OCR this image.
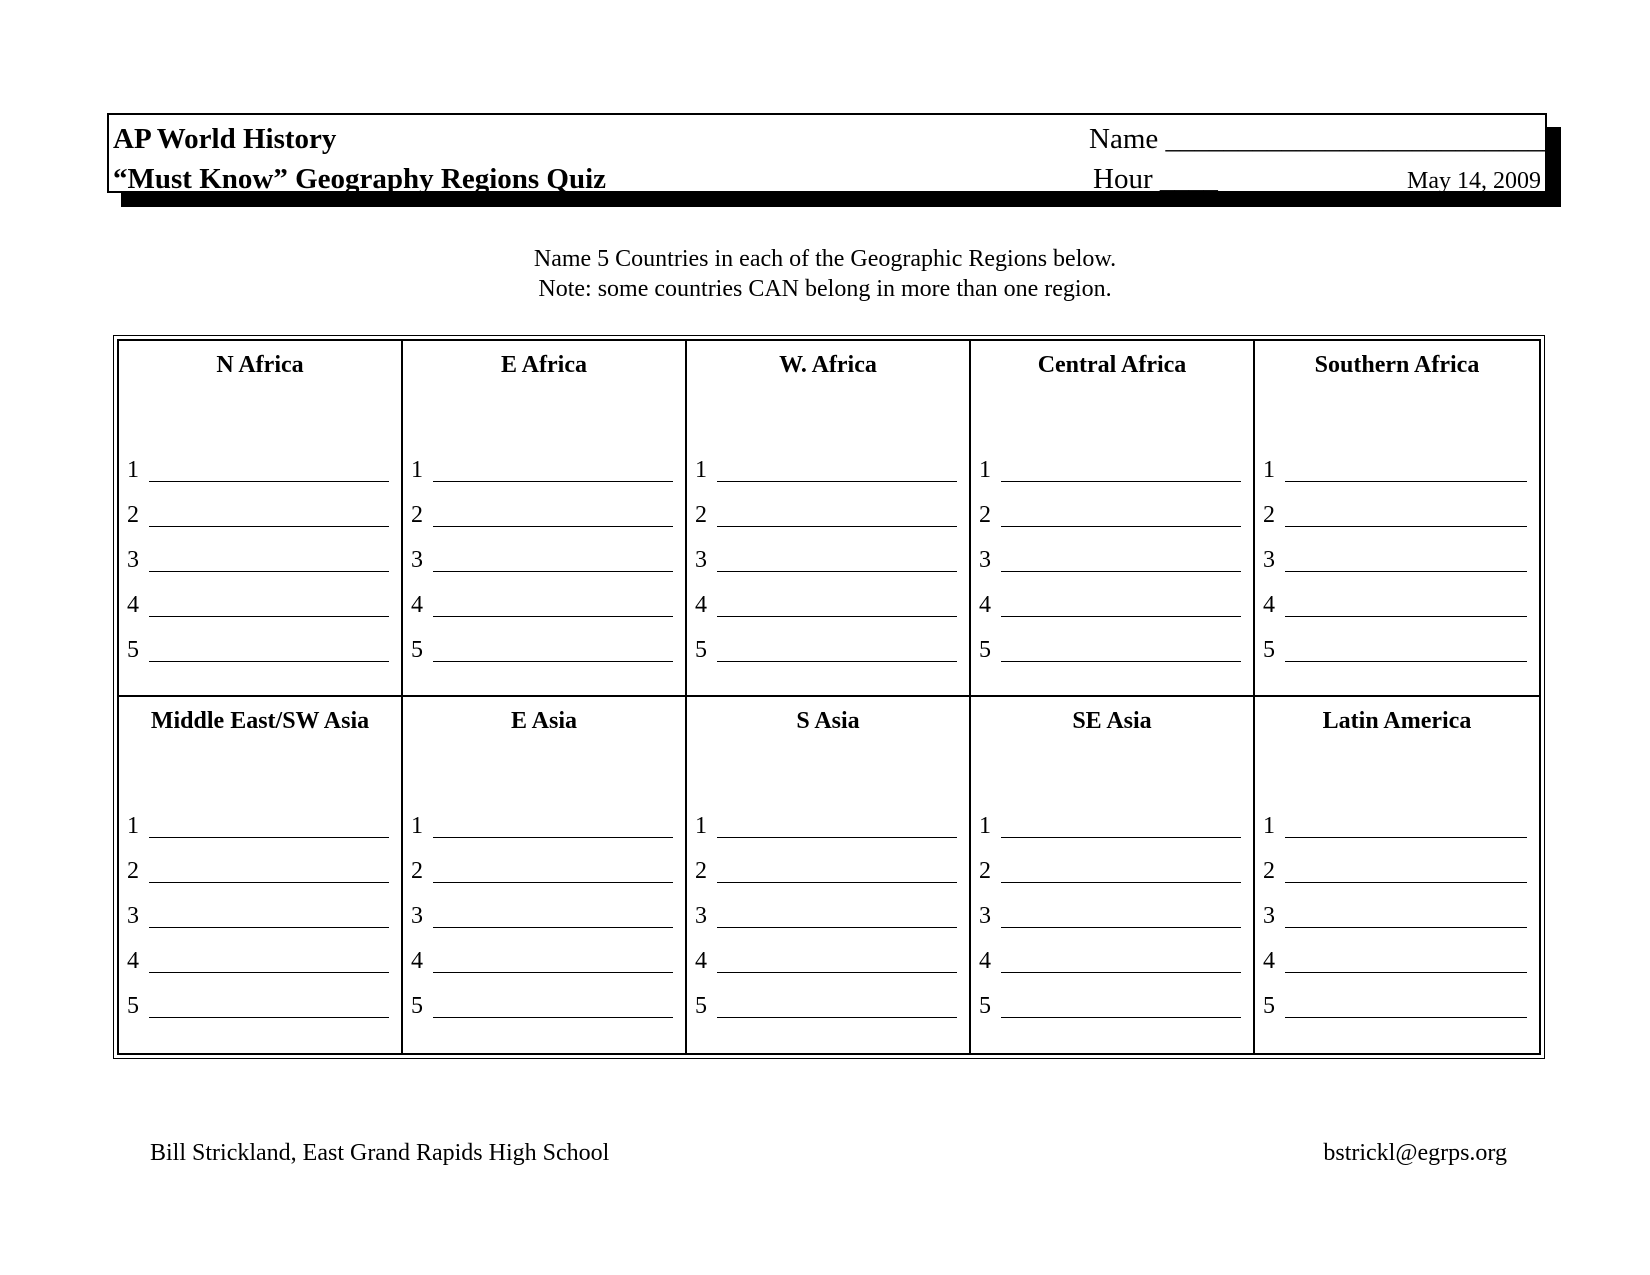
AP World History
“Must Know” Geography Regions Quiz
Name ___________________________
Hour ____	May 14, 2009
Name 5 Countries in each of the Geographic Regions below.
Note: some countries CAN belong in more than one region.
N Africa
1
2
3
4
5
E Africa
1
2
3
4
5
W. Africa
1
2
3
4
5
Central Africa
1
2
3
4
5
Southern Africa
1
2
3
4
5
Middle East/SW Asia
1
2
3
4
5
E Asia
1
2
3
4
5
S Asia
1
2
3
4
5
SE Asia
1
2
3
4
5
Latin America
1
2
3
4
5
Bill Strickland, East Grand Rapids High School	bstrickl@egrps.org
